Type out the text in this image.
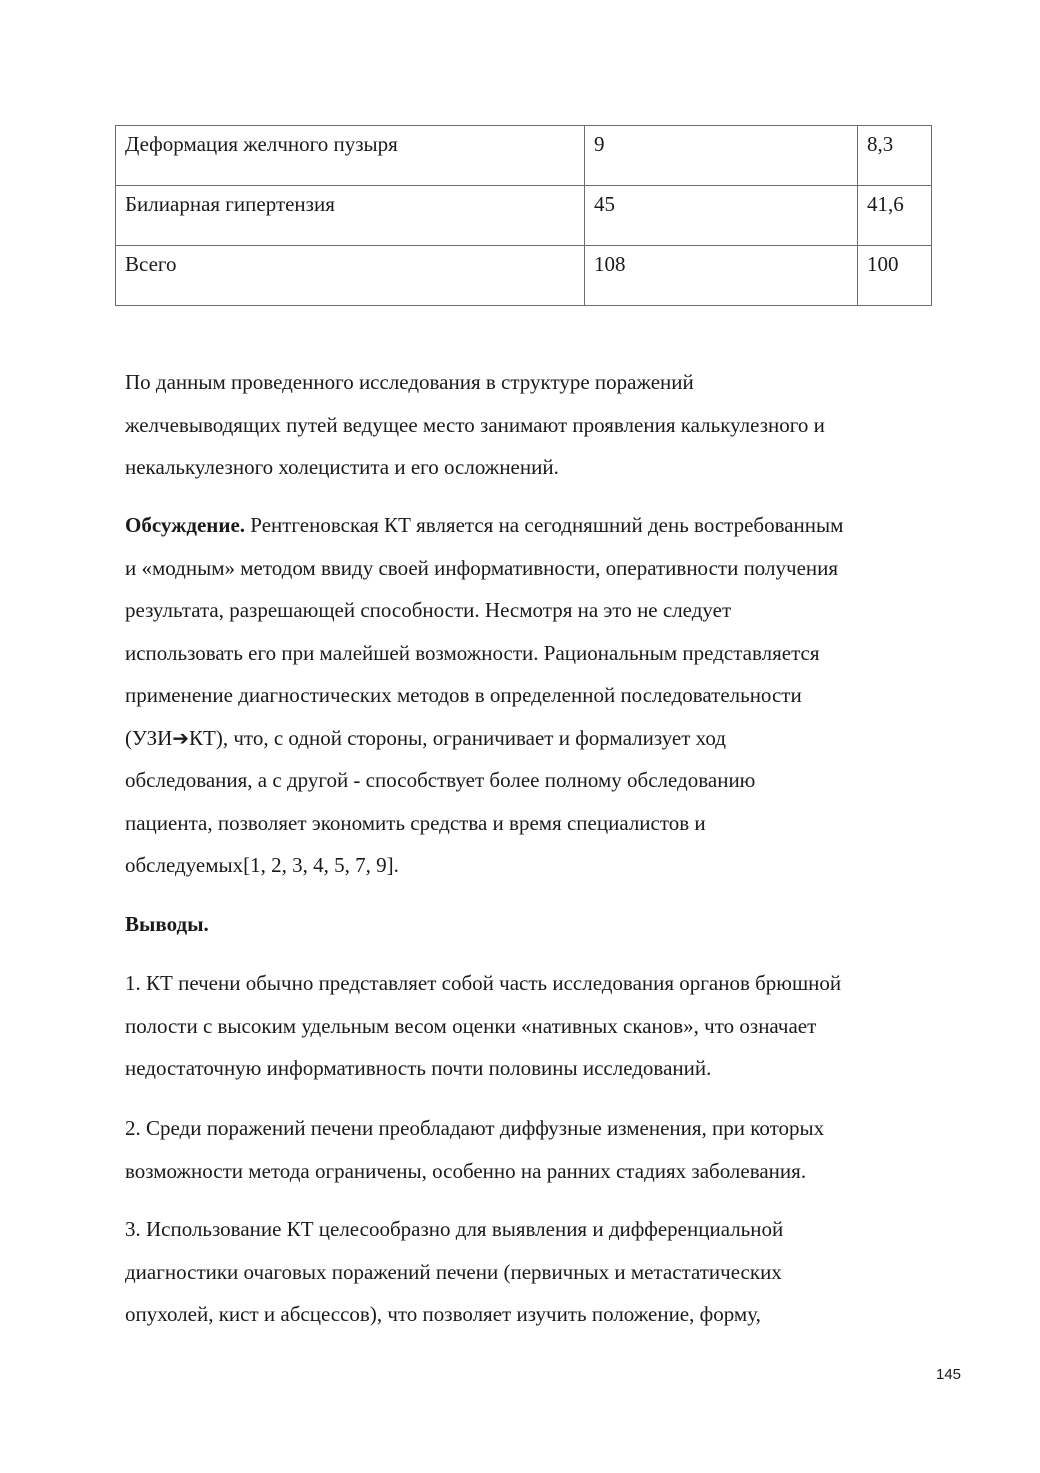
Деформация желчного пузыря	9	8,3
Билиарная гипертензия	45	41,6
Всего	108	100

По данным проведенного исследования в структуре поражений
желчевыводящих путей ведущее место занимают проявления калькулезного и
некалькулезного холецистита и его осложнений.

Обсуждение. Рентгеновская КТ является на сегодняшний день востребованным
и «модным» методом ввиду своей информативности, оперативности получения
результата, разрешающей способности. Несмотря на это не следует
использовать его при малейшей возможности. Рациональным представляется
применение диагностических методов в определенной последовательности
(УЗИ➔КТ), что, с одной стороны, ограничивает и формализует ход
обследования, а с другой - способствует более полному обследованию
пациента, позволяет экономить средства и время специалистов и
обследуемых[1, 2, 3, 4, 5, 7, 9].

Выводы.

1. КТ печени обычно представляет собой часть исследования органов брюшной
полости с высоким удельным весом оценки «нативных сканов», что означает
недостаточную информативность почти половины исследований.

2. Среди поражений печени преобладают диффузные изменения, при которых
возможности метода ограничены, особенно на ранних стадиях заболевания.

3. Использование КТ целесообразно для выявления и дифференциальной
диагностики очаговых поражений печени (первичных и метастатических
опухолей, кист и абсцессов), что позволяет изучить положение, форму,

145
